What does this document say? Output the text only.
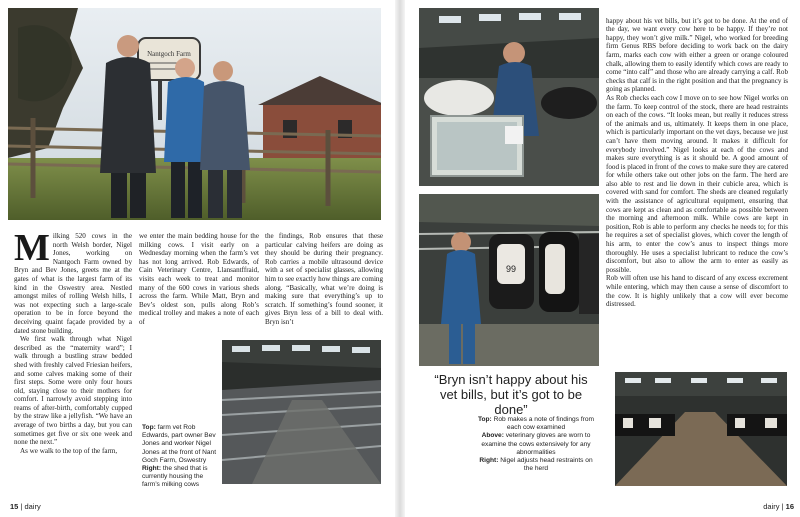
Nantgoch Farm
M ilking 520 cows in the north Welsh border, Nigel Jones, working on Nantgoch Farm owned by Bryn and Bev Jones, greets me at the gates of what is the largest farm of its kind in the Oswestry area. Nestled amongst miles of rolling Welsh hills, I was not expecting such a large-scale operation to be in force beyond the deceiving quaint façade provided by a dated stone building.

We first walk through what Nigel described as the “maternity ward”; I walk through a bustling straw bedded shed with freshly calved Friesian heifers, and some calves making some of their first steps. Some were only four hours old, staying close to their mothers for comfort. I narrowly avoid stepping into reams of after-birth, comfortably cupped by the straw like a jellyfish. “We have an average of two births a day, but you can sometimes get five or six one week and none the next.”

As we walk to the top of the farm,

we enter the main bedding house for the milking cows. I visit early on a Wednesday morning when the farm’s vet has not long arrived. Rob Edwards, of Cain Veterinary Centre, Llansantffraid, visits each week to treat and monitor many of the 600 cows in various sheds across the farm. While Matt, Bryn and Bev’s oldest son, pulls along Rob’s medical trolley and makes a note of each of

the findings, Rob ensures that these particular calving heifers are doing as they should be during their pregnancy. Rob carries a mobile ultrasound device with a set of specialist glasses, allowing him to see exactly how things are coming along. “Basically, what we’re doing is making sure that everything’s up to scratch. If something’s found sooner, it gives Bryn less of a bill to deal with. Bryn isn’t

Top: farm vet Rob Edwards, part owner Bev Jones and worker Nigel Jones at the front of Nant Goch Farm, Oswestry
Right: the shed that is currently housing the farm’s milking cows
15 | dairy
99
“Bryn isn’t happy about his vet bills, but it’s got to be done”
Top: Rob makes a note of findings from each cow examined
Above: veterinary gloves are worn to examine the cows extensively for any abnormalities
Right: Nigel adjusts head restraints on the herd

happy about his vet bills, but it’s got to be done. At the end of the day, we want every cow here to be happy. If they’re not happy, they won’t give milk.” Nigel, who worked for breeding firm Genus RBS before deciding to work back on the dairy farm, marks each cow with either a green or orange coloured chalk, allowing them to easily identify which cows are ready to come “into calf” and those who are already carrying a calf. Rob checks that calf is in the right position and that the pregnancy is going as planned.
As Rob checks each cow I move on to see how Nigel works on the farm. To keep control of the stock, there are head restraints on each of the cows. “It looks mean, but really it reduces stress of the animals and us, ultimately. It keeps them in one place, which is particularly important on the vet days, because we just can’t have them moving around. It makes it difficult for everybody involved.” Nigel looks at each of the cows and makes sure everything is as it should be. A good amount of food is placed in front of the cows to make sure they are catered for while others take out other jobs on the farm. The herd are also able to rest and lie down in their cubicle area, which is covered with sand for comfort. The sheds are cleaned regularly with the assistance of agricultural equipment, ensuring that cows are kept as clean and as comfortable as possible between the morning and afternoon milk. While cows are kept in position, Rob is able to perform any checks he needs to; for this he requires a set of specialist gloves, which cover the length of his arm, to enter the cow’s anus to inspect things more thoroughly. He uses a specialist lubricant to reduce the cow’s discomfort, but also to allow the arm to enter as easily as possible.
Rob will often use his hand to discard of any excess excrement while entering, which may then cause a sense of discomfort to the cow. It is highly unlikely that a cow will ever become distressed.

dairy | 16
